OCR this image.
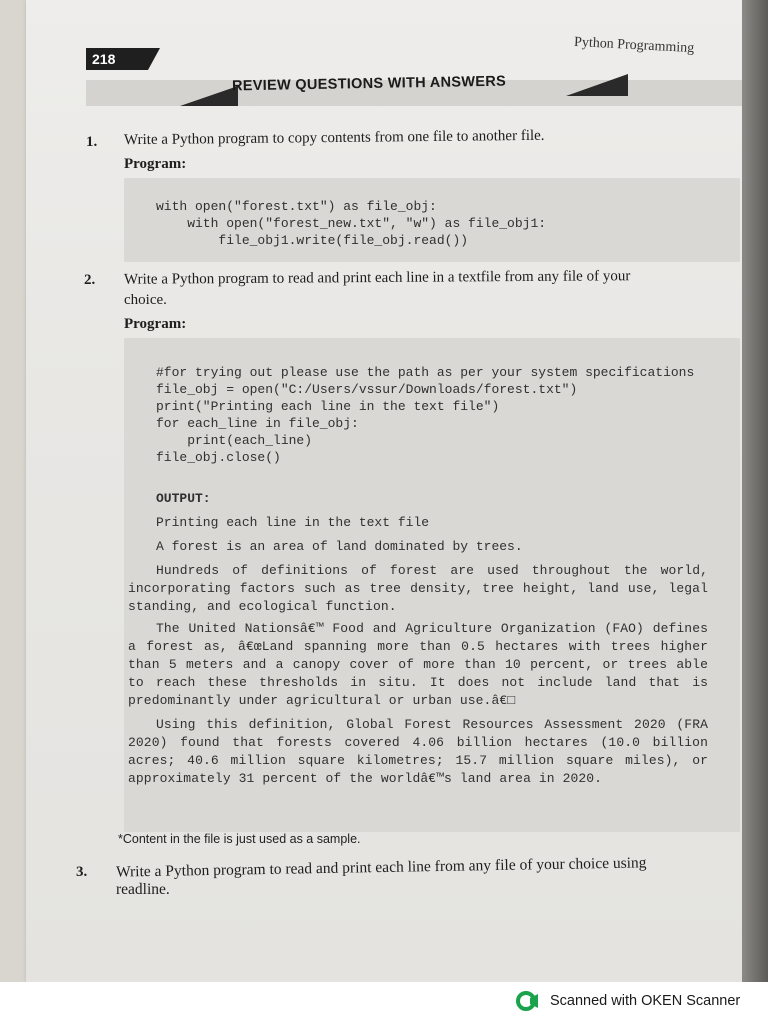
218
Python Programming
REVIEW QUESTIONS WITH ANSWERS
1. Write a Python program to copy contents from one file to another file.
Program:
with open("forest.txt") as file_obj:
with open("forest_new.txt", "w") as file_obj1:
file_obj1.write(file_obj.read())
2. Write a Python program to read and print each line in a textfile from any file of your
choice.
Program:
#for trying out please use the path as per your system specifications
file_obj = open("C:/Users/vssur/Downloads/forest.txt")
print("Printing each line in the text file")
for each_line in file_obj:
print(each_line)
file_obj.close()
OUTPUT:
Printing each line in the text file
A forest is an area of land dominated by trees.
Hundreds of definitions of forest are used throughout the world, incorporating factors such as tree density, tree height, land use, legal standing, and ecological function.
The United Nationsâ€™ Food and Agriculture Organization (FAO) defines a forest as, â€œLand spanning more than 0.5 hectares with trees higher than 5 meters and a canopy cover of more than 10 percent, or trees able to reach these thresholds in situ. It does not include land that is predominantly under agricultural or urban use.â€□
Using this definition, Global Forest Resources Assessment 2020 (FRA 2020) found that forests covered 4.06 billion hectares (10.0 billion acres; 40.6 million square kilometres; 15.7 million square miles), or approximately 31 percent of the worldâ€™s land area in 2020.
*Content in the file is just used as a sample.
3. Write a Python program to read and print each line from any file of your choice using
readline.
Scanned with OKEN Scanner
